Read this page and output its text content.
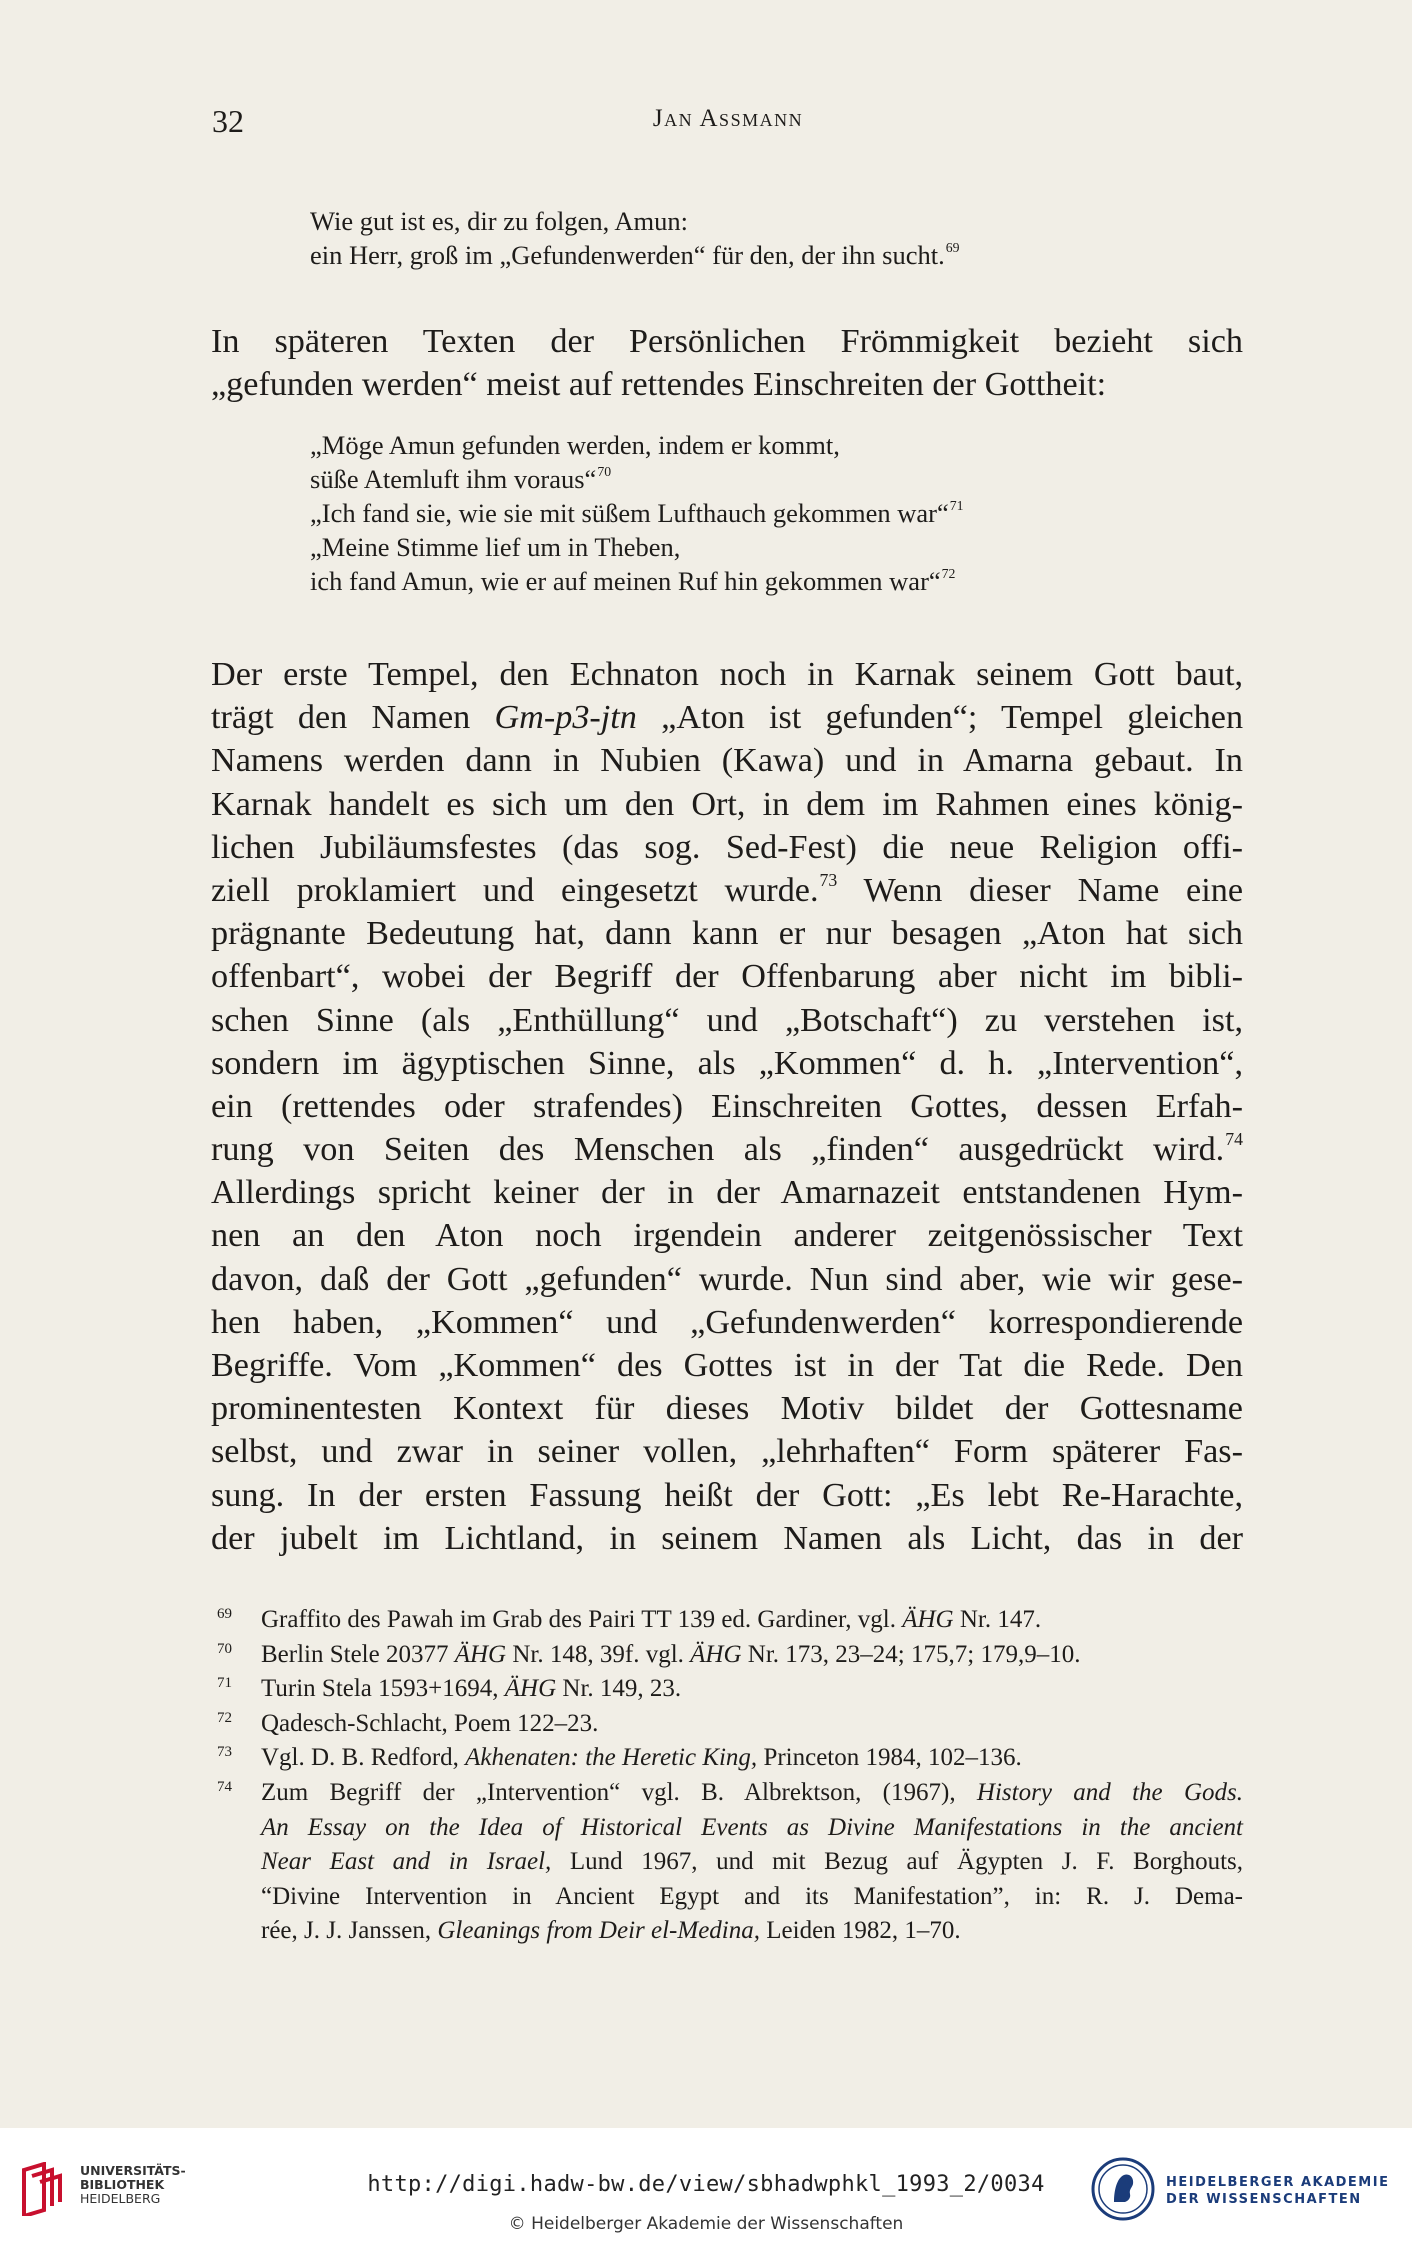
32	Jan Assmann
Wie gut ist es, dir zu folgen, Amun:
ein Herr, groß im „Gefundenwerden“ für den, der ihn sucht.$^{69}$
In späteren Texten der Persönlichen Frömmigkeit bezieht sich
„gefunden werden“ meist auf rettendes Einschreiten der Gottheit:
„Möge Amun gefunden werden, indem er kommt,
süße Atemluft ihm voraus“$^{70}$
„Ich fand sie, wie sie mit süßem Lufthauch gekommen war“$^{71}$
„Meine Stimme lief um in Theben,
ich fand Amun, wie er auf meinen Ruf hin gekommen war“$^{72}$
Der erste Tempel, den Echnaton noch in Karnak seinem Gott baut,
trägt den Namen Gm-p3-jtn „Aton ist gefunden“; Tempel gleichen
Namens werden dann in Nubien (Kawa) und in Amarna gebaut. In
Karnak handelt es sich um den Ort, in dem im Rahmen eines könig-
lichen Jubiläumsfestes (das sog. Sed-Fest) die neue Religion offi-
ziell proklamiert und eingesetzt wurde.$^{73}$ Wenn dieser Name eine
prägnante Bedeutung hat, dann kann er nur besagen „Aton hat sich
offenbart“, wobei der Begriff der Offenbarung aber nicht im bibli-
schen Sinne (als „Enthüllung“ und „Botschaft“) zu verstehen ist,
sondern im ägyptischen Sinne, als „Kommen“ d. h. „Intervention“,
ein (rettendes oder strafendes) Einschreiten Gottes, dessen Erfah-
rung von Seiten des Menschen als „finden“ ausgedrückt wird.$^{74}$
Allerdings spricht keiner der in der Amarnazeit entstandenen Hym-
nen an den Aton noch irgendein anderer zeitgenössischer Text
davon, daß der Gott „gefunden“ wurde. Nun sind aber, wie wir gese-
hen haben, „Kommen“ und „Gefundenwerden“ korrespondierende
Begriffe. Vom „Kommen“ des Gottes ist in der Tat die Rede. Den
prominentesten Kontext für dieses Motiv bildet der Gottesname
selbst, und zwar in seiner vollen, „lehrhaften“ Form späterer Fas-
sung. In der ersten Fassung heißt der Gott: „Es lebt Re-Harachte,
der jubelt im Lichtland, in seinem Namen als Licht, das in der
69 Graffito des Pawah im Grab des Pairi TT 139 ed. Gardiner, vgl. ÄHG Nr. 147.
70 Berlin Stele 20377 ÄHG Nr. 148, 39f. vgl. ÄHG Nr. 173, 23–24; 175,7; 179,9–10.
71 Turin Stela 1593+1694, ÄHG Nr. 149, 23.
72 Qadesch-Schlacht, Poem 122–23.
73 Vgl. D. B. Redford, Akhenaten: the Heretic King, Princeton 1984, 102–136.
74 Zum Begriff der „Intervention“ vgl. B. Albrektson, (1967), History and the Gods.
An Essay on the Idea of Historical Events as Divine Manifestations in the ancient
Near East and in Israel, Lund 1967, und mit Bezug auf Ägypten J. F. Borghouts,
“Divine Intervention in Ancient Egypt and its Manifestation”, in: R. J. Dema-
rée, J. J. Janssen, Gleanings from Deir el-Medina, Leiden 1982, 1–70.
UNIVERSITÄTS-
BIBLIOTHEK
HEIDELBERG
http://digi.hadw-bw.de/view/sbhadwphkl_1993_2/0034
© Heidelberger Akademie der Wissenschaften
HEIDELBERGER AKADEMIE
DER WISSENSCHAFTEN
